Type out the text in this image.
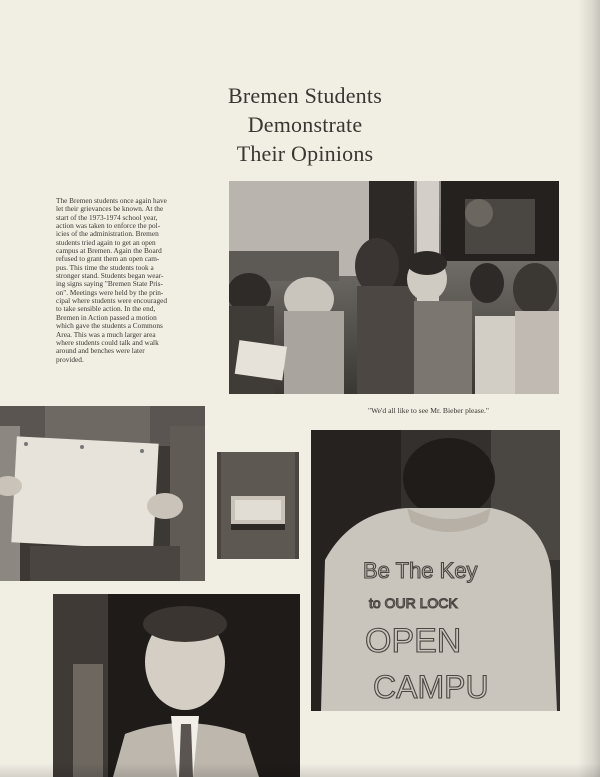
Bremen Students
Demonstrate
Their Opinions
The Bremen students once again have
let their grievances be known. At the
start of the 1973-1974 school year,
action was taken to enforce the pol-
icies of the administration. Bremen
students tried again to get an open
campus at Bremen. Again the Board
refused to grant them an open cam-
pus. This time the students took a
stronger stand. Students began wear-
ing signs saying "Bremen State Pris-
on". Meetings were held by the prin-
cipal where students were encouraged
to take sensible action. In the end,
Bremen in Action passed a motion
which gave the students a Commons
Area. This was a much larger area
where students could talk and walk
around and benches were later
provided.
"We'd all like to see Mr. Bieber please."
Be The Key
to OUR LOCK
OPEN
CAMPU
